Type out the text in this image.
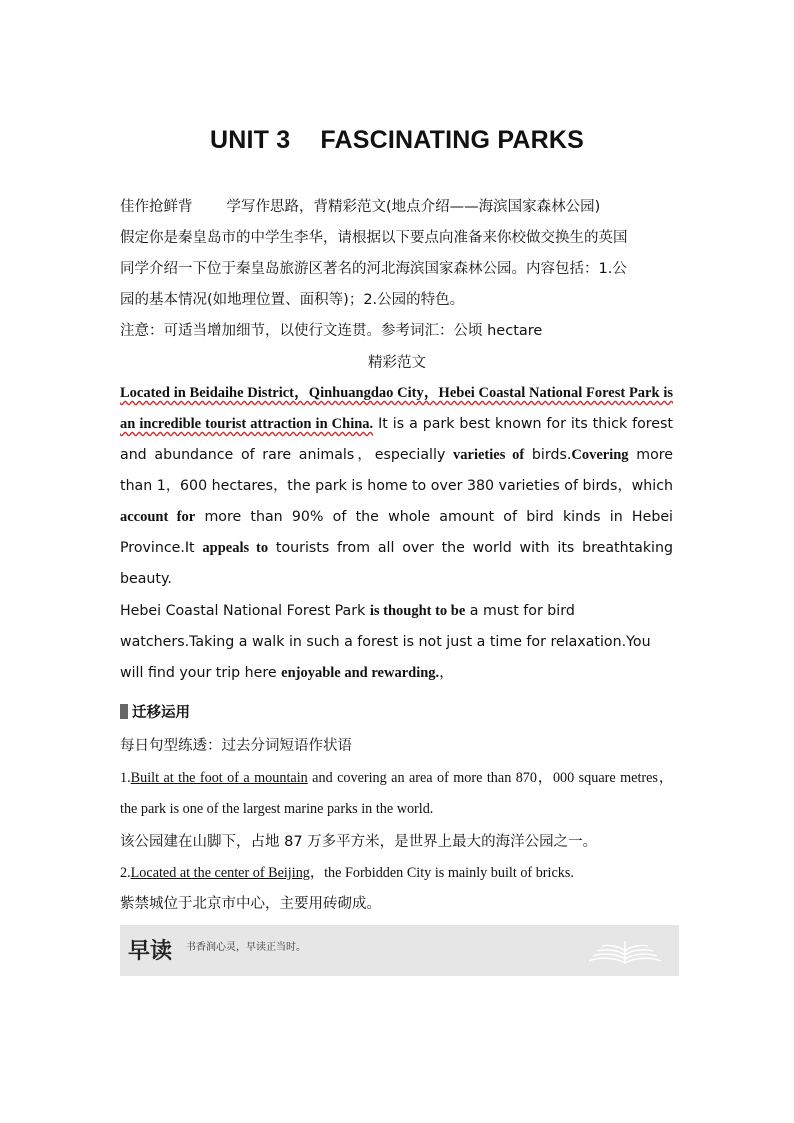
UNIT 3 FASCINATING PARKS
佳作抢鲜背 学写作思路，背精彩范文(地点介绍——海滨国家森林公园)
假定你是秦皇岛市的中学生李华，请根据以下要点向准备来你校做交换生的英国
同学介绍一下位于秦皇岛旅游区著名的河北海滨国家森林公园。内容包括：1.公
园的基本情况(如地理位置、面积等)；2.公园的特色。
注意：可适当增加细节，以使行文连贯。参考词汇：公顷 hectare
精彩范文
Located in Beidaihe District，Qinhuangdao City，Hebei Coastal National Forest Park is an incredible tourist attraction in China. It is a park best known for its thick forest and abundance of rare animals，especially varieties of birds.Covering more than 1，600 hectares，the park is home to over 380 varieties of birds，which account for more than 90% of the whole amount of bird kinds in Hebei Province.It appeals to tourists from all over the world with its breathtaking beauty.
Hebei Coastal National Forest Park is thought to be a must for bird watchers.Taking a walk in such a forest is not just a time for relaxation.You will find your trip here enjoyable and rewarding.，
迁移运用
每日句型练透：过去分词短语作状语
1.Built at the foot of a mountain and covering an area of more than 870，000 square metres，the park is one of the largest marine parks in the world.
该公园建在山脚下，占地 87 万多平方米，是世界上最大的海洋公园之一。
2.Located at the center of Beijing，the Forbidden City is mainly built of bricks.
紫禁城位于北京市中心，主要用砖砌成。
早读 书香润心灵，早读正当时。
